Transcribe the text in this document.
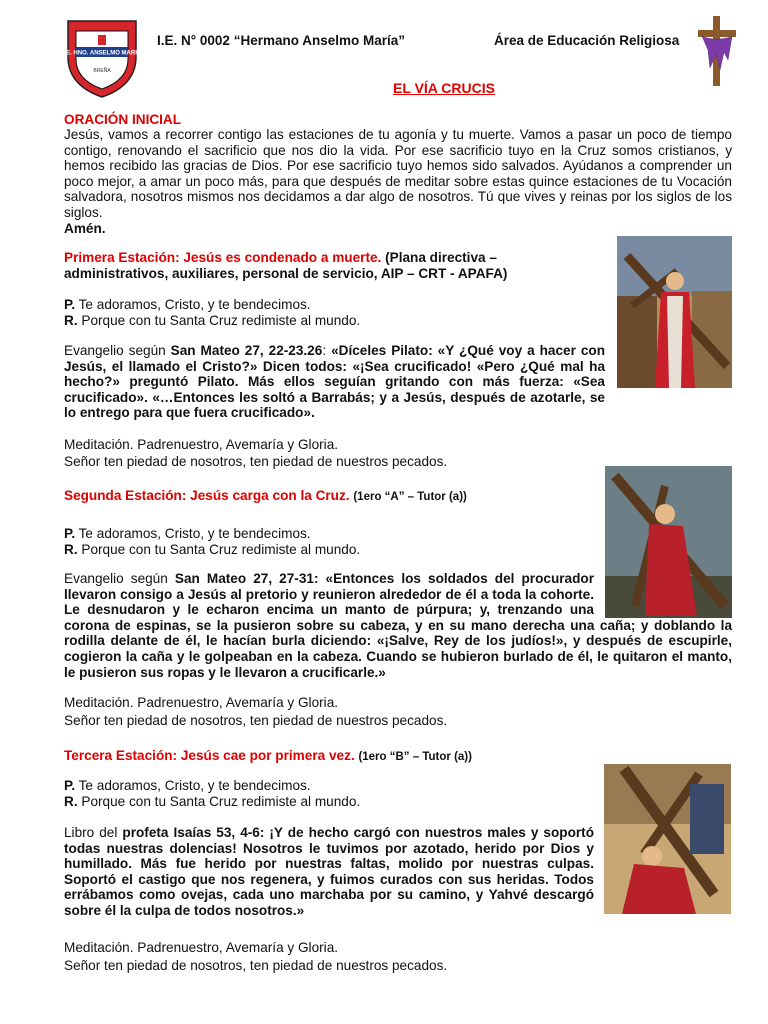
I.E. HNO. ANSELMO MARIA
BREÑA
I.E. N° 0002 “Hermano Anselmo María”	Área de Educación Religiosa
EL VÍA CRUCIS
ORACIÓN INICIAL
Jesús, vamos a recorrer contigo las estaciones de tu agonía y tu muerte. Vamos a pasar un poco de tiempo contigo, renovando el sacrificio que nos dio la vida. Por ese sacrificio tuyo en la Cruz somos cristianos, y hemos recibido las gracias de Dios. Por ese sacrificio tuyo hemos sido salvados. Ayúdanos a comprender un poco mejor, a amar un poco más, para que después de meditar sobre estas quince estaciones de tu Vocación salvadora, nosotros mismos nos decidamos a dar algo de nosotros. Tú que vives y reinas por los siglos de los siglos.
Amén.
Primera Estación: Jesús es condenado a muerte. (Plana directiva – administrativos, auxiliares, personal de servicio, AIP – CRT - APAFA)
P. Te adoramos, Cristo, y te bendecimos.
R. Porque con tu Santa Cruz redimiste al mundo.
Evangelio según San Mateo 27, 22-23.26: «Díceles Pilato: «Y ¿Qué voy a hacer con Jesús, el llamado el Cristo?» Dicen todos: «¡Sea crucificado! «Pero ¿Qué mal ha hecho?» preguntó Pilato. Más ellos seguían gritando con más fuerza: «Sea crucificado». «…Entonces les soltó a Barrabás; y a Jesús, después de azotarle, se lo entrego para que fuera crucificado».
Meditación. Padrenuestro, Avemaría y Gloria.
Señor ten piedad de nosotros, ten piedad de nuestros pecados.
Segunda Estación: Jesús carga con la Cruz. (1ero “A” – Tutor (a))
P. Te adoramos, Cristo, y te bendecimos.
R. Porque con tu Santa Cruz redimiste al mundo.
Evangelio según San Mateo 27, 27-31: «Entonces los soldados del procurador llevaron consigo a Jesús al pretorio y reunieron alrededor de él a toda la cohorte. Le desnudaron y le echaron encima un manto de púrpura; y, trenzando una corona de espinas, se la pusieron sobre su cabeza, y en su mano derecha una caña; y doblando la rodilla delante de él, le hacían burla diciendo: «¡Salve, Rey de los judíos!», y después de escupirle, cogieron la caña y le golpeaban en la cabeza. Cuando se hubieron burlado de él, le quitaron el manto, le pusieron sus ropas y le llevaron a crucificarle.»
Tercera Estación: Jesús cae por primera vez. (1ero “B” – Tutor (a))
P. Te adoramos, Cristo, y te bendecimos.
R. Porque con tu Santa Cruz redimiste al mundo.
Libro del profeta Isaías 53, 4-6: ¡Y de hecho cargó con nuestros males y soportó todas nuestras dolencias! Nosotros le tuvimos por azotado, herido por Dios y humillado. Más fue herido por nuestras faltas, molido por nuestras culpas. Soportó el castigo que nos regenera, y fuimos curados con sus heridas. Todos errábamos como ovejas, cada uno marchaba por su camino, y Yahvé descargó sobre él la culpa de todos nosotros.»
Meditación. Padrenuestro, Avemaría y Gloria.
Señor ten piedad de nosotros, ten piedad de nuestros pecados.
Meditación. Padrenuestro, Avemaría y Gloria.
Señor ten piedad de nosotros, ten piedad de nuestros pecados.
